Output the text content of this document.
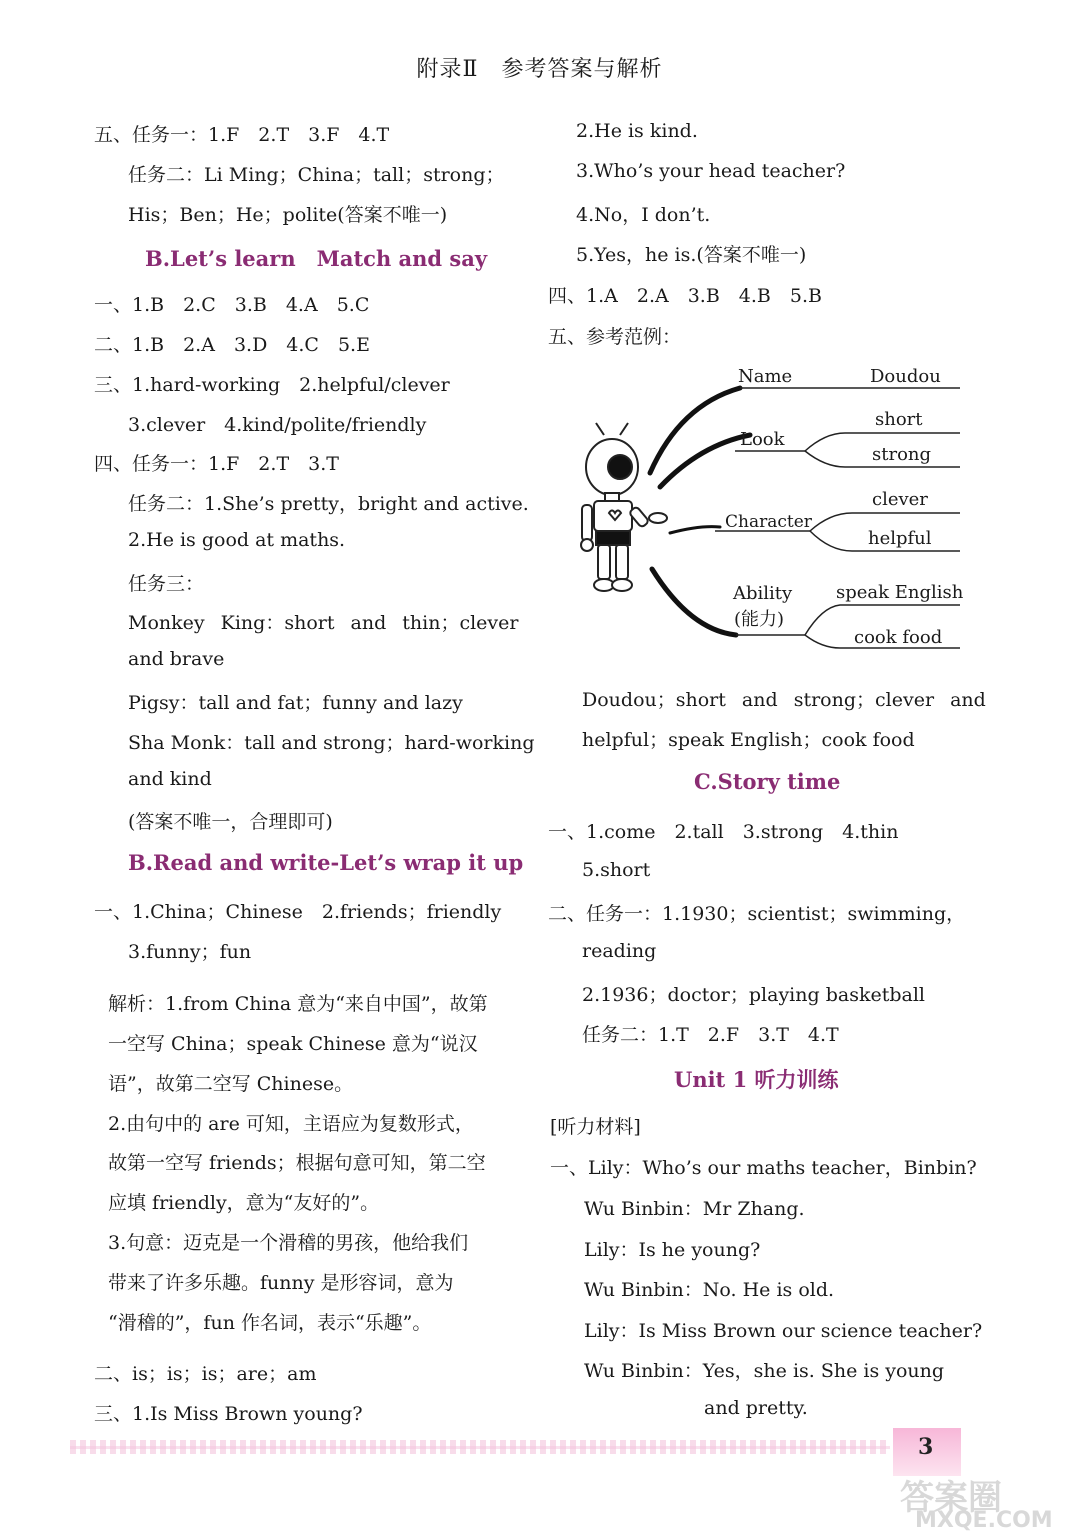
附录Ⅱ　参考答案与解析
五、任务一：1.F　2.T　3.F　4.T
任务二：Li Ming；China；tall；strong；
His；Ben；He；polite(答案不唯一)
B.Let’s learn　Match and say
一、1.B　2.C　3.B　4.A　5.C
二、1.B　2.A　3.D　4.C　5.E
三、1.hard-working　2.helpful/clever
3.clever　4.kind/polite/friendly
四、任务一：1.F　2.T　3.T
任务二：1.She’s pretty，bright and active.
2.He is good at maths.
任务三：
Monkey King：short and thin；clever
and brave
Pigsy：tall and fat；funny and lazy
Sha Monk：tall and strong；hard-working
and kind
(答案不唯一，合理即可)
B.Read and write-Let’s wrap it up
一、1.China；Chinese　2.friends；friendly
3.funny；fun
解析：1.from China 意为“来自中国”，故第
一空写 China；speak Chinese 意为“说汉
语”，故第二空写 Chinese。
2.由句中的 are 可知，主语应为复数形式，
故第一空写 friends；根据句意可知，第二空
应填 friendly，意为“友好的”。
3.句意：迈克是一个滑稽的男孩，他给我们
带来了许多乐趣。funny 是形容词，意为
“滑稽的”，fun 作名词，表示“乐趣”。
二、is；is；is；are；am
三、1.Is Miss Brown young?
2.He is kind.
3.Who’s your head teacher?
4.No，I don’t.
5.Yes，he is.(答案不唯一)
四、1.A　2.A　3.B　4.B　5.B
五、参考范例：
Name	Doudou
Look
short
strong
Character
clever
helpful
Ability
(能力)
speak English
cook food
Doudou；short and strong；clever and
helpful；speak English；cook food
C.Story time
一、1.come　2.tall　3.strong　4.thin
5.short
二、任务一：1.1930；scientist；swimming，
reading
2.1936；doctor；playing basketball
任务二：1.T　2.F　3.T　4.T
Unit 1 听力训练
[听力材料]
一、Lily：Who’s our maths teacher，Binbin?
Wu Binbin：Mr Zhang.
Lily：Is he young?
Wu Binbin：No. He is old.
Lily：Is Miss Brown our science teacher?
Wu Binbin：Yes，she is. She is young
and pretty.
3
答案圈
MXQE.COM
